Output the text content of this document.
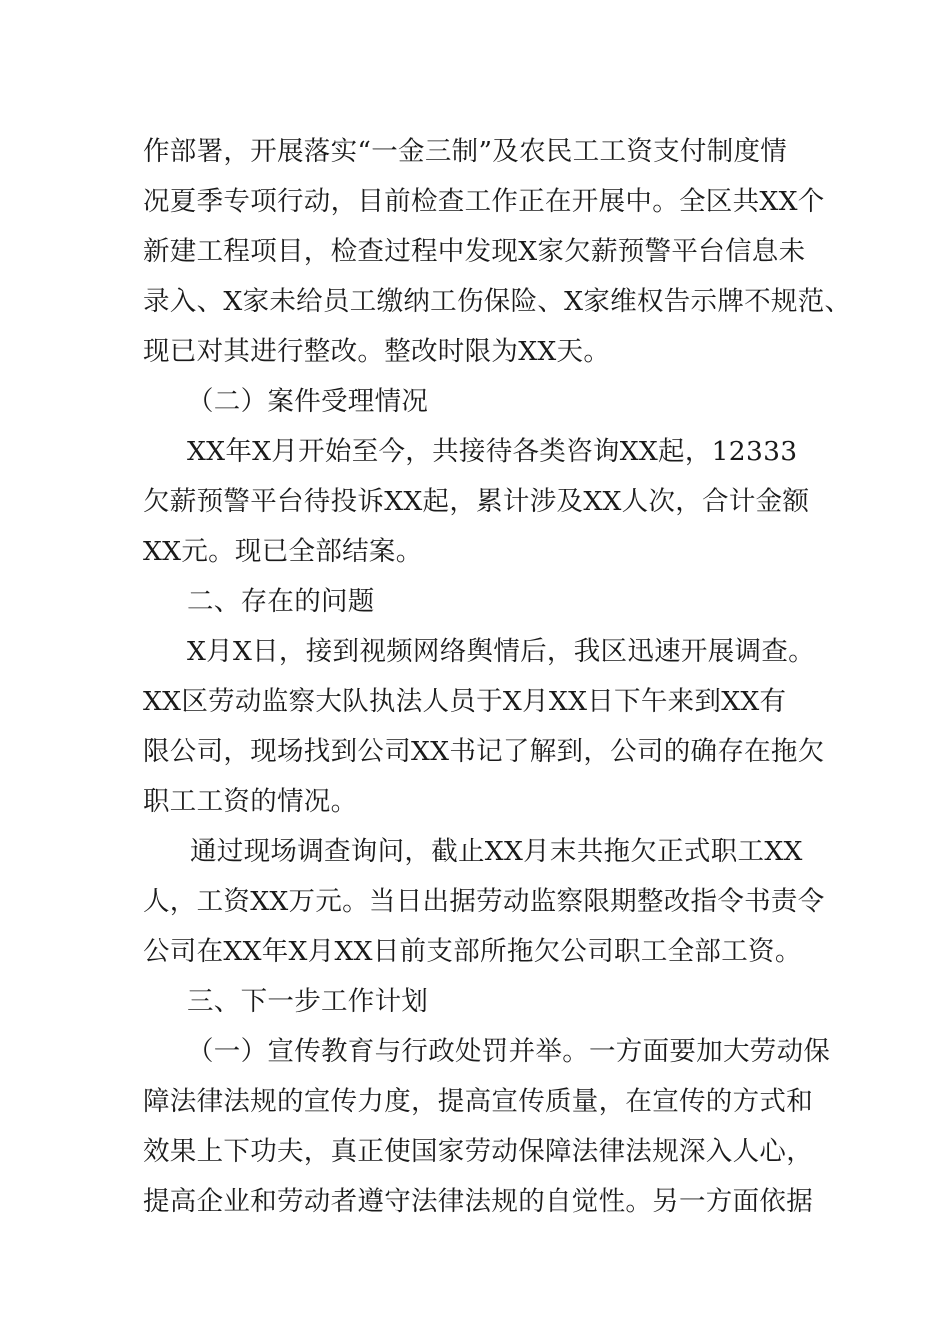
作部署，开展落实“一金三制”及农民工工资支付制度情
况夏季专项行动，目前检查工作正在开展中。全区共XX个
新建工程项目，检查过程中发现X家欠薪预警平台信息未
录入、X家未给员工缴纳工伤保险、X家维权告示牌不规范、
现已对其进行整改。整改时限为XX天。
（二）案件受理情况
XX年X月开始至今，共接待各类咨询XX起，12333
欠薪预警平台待投诉XX起，累计涉及XX人次，合计金额
XX元。现已全部结案。
二、存在的问题
X月X日，接到视频网络舆情后，我区迅速开展调查。
XX区劳动监察大队执法人员于X月XX日下午来到XX有
限公司，现场找到公司XX书记了解到，公司的确存在拖欠
职工工资的情况。
通过现场调查询问，截止XX月末共拖欠正式职工XX
人，工资XX万元。当日出据劳动监察限期整改指令书责令
公司在XX年X月XX日前支部所拖欠公司职工全部工资。
三、下一步工作计划
（一）宣传教育与行政处罚并举。一方面要加大劳动保
障法律法规的宣传力度，提高宣传质量，在宣传的方式和
效果上下功夫，真正使国家劳动保障法律法规深入人心，
提高企业和劳动者遵守法律法规的自觉性。另一方面依据
